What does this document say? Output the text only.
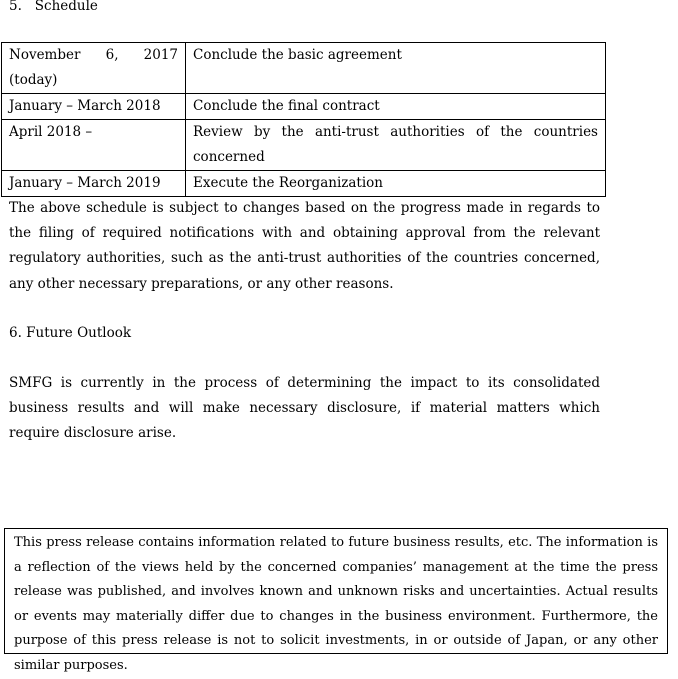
5.   Schedule
November 6, 2017
(today)	Conclude the basic agreement
January – March 2018	Conclude the final contract
April 2018 –	Review by the anti-trust authorities of the countries concerned

January – March 2019	Execute the Reorganization
The above schedule is subject to changes based on the progress made in regards to the filing of required notifications with and obtaining approval from the relevant regulatory authorities, such as the anti-trust authorities of the countries concerned, any other necessary preparations, or any other reasons.
6. Future Outlook
SMFG is currently in the process of determining the impact to its consolidated business results and will make necessary disclosure, if material matters which require disclosure arise.
This press release contains information related to future business results, etc. The information is a reflection of the views held by the concerned companies’ management at the time the press release was published, and involves known and unknown risks and uncertainties. Actual results or events may materially differ due to changes in the business environment. Furthermore, the purpose of this press release is not to solicit investments, in or outside of Japan, or any other similar purposes.
